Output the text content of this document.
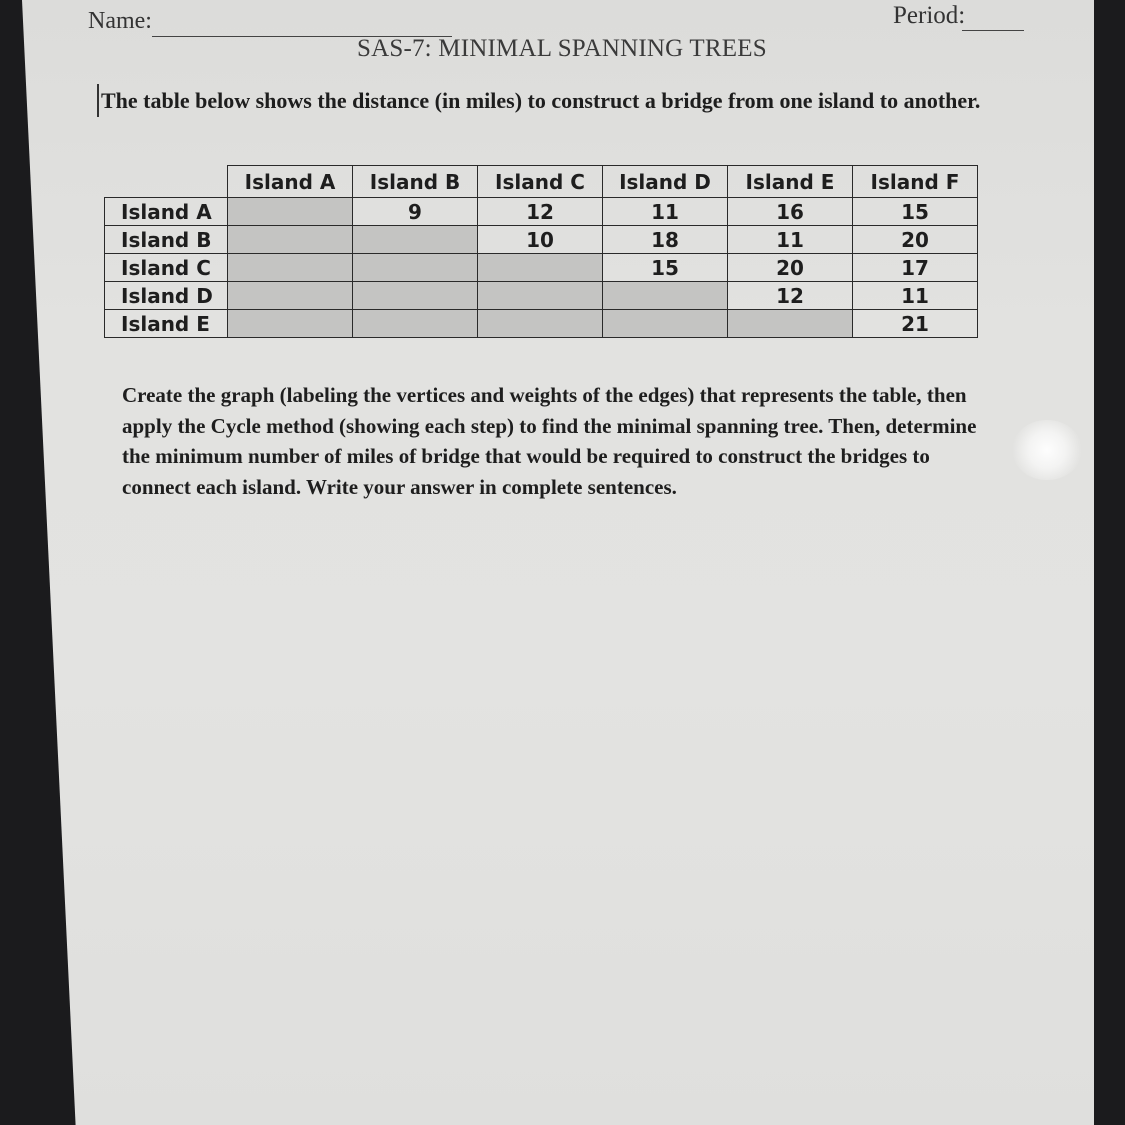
Name:	Period:
SAS-7: MINIMAL SPANNING TREES
The table below shows the distance (in miles) to construct a bridge from one island to another.
	Island A	Island B	Island C	Island D	Island E	Island F
Island A		9	12	11	16	15
Island B			10	18	11	20
Island C				15	20	17
Island D					12	11
Island E						21
Create the graph (labeling the vertices and weights of the edges) that represents the table, then apply the Cycle method (showing each step) to find the minimal spanning tree. Then, determine the minimum number of miles of bridge that would be required to construct the bridges to connect each island. Write your answer in complete sentences.
